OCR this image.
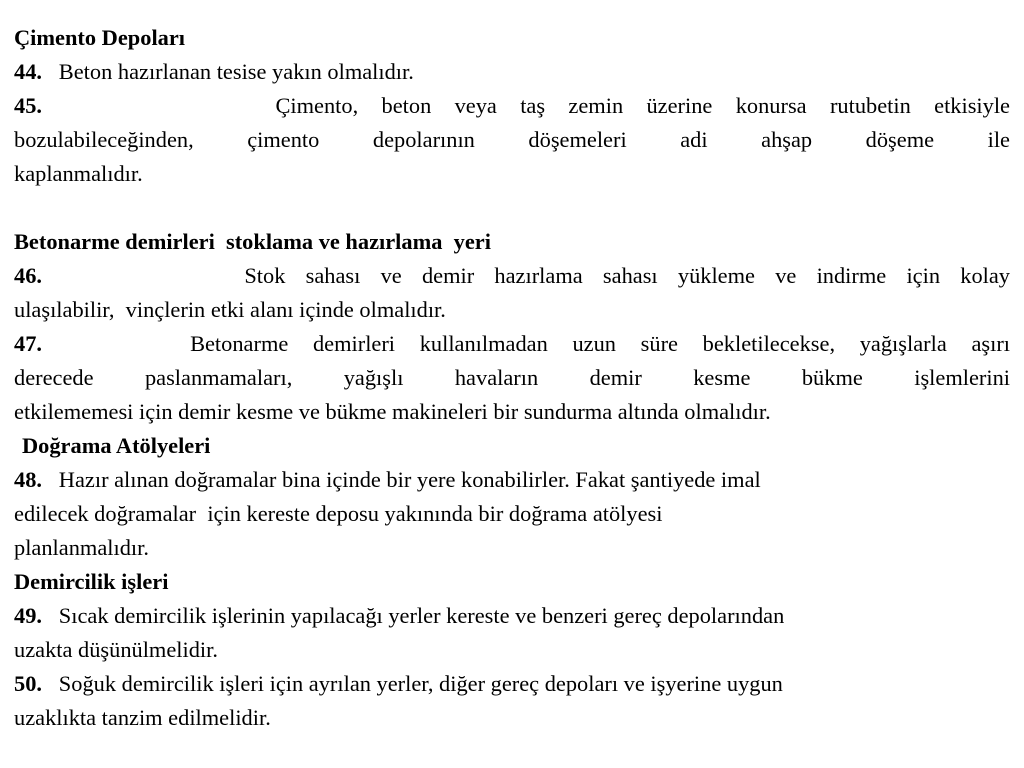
Çimento Depoları
44. Beton hazırlanan tesise yakın olmalıdır.
45.	Çimento, beton veya taş zemin üzerine konursa rutubetin etkisiyle
bozulabileceğinden, çimento depolarının döşemeleri adi ahşap döşeme ile
kaplanmalıdır.
Betonarme demirleri  stoklama ve hazırlama  yeri
46.	Stok sahası ve demir hazırlama sahası yükleme ve indirme için kolay
ulaşılabilir,  vinçlerin etki alanı içinde olmalıdır.
47.	Betonarme demirleri kullanılmadan uzun süre bekletilecekse, yağışlarla aşırı
derecede paslanmamaları, yağışlı havaların demir kesme bükme işlemlerini
etkilememesi için demir kesme ve bükme makineleri bir sundurma altında olmalıdır.
Doğrama Atölyeleri
48. Hazır alınan doğramalar bina içinde bir yere konabilirler. Fakat şantiyede imal
edilecek doğramalar  için kereste deposu yakınında bir doğrama atölyesi
planlanmalıdır.
Demircilik işleri
49. Sıcak demircilik işlerinin yapılacağı yerler kereste ve benzeri gereç depolarından
uzakta düşünülmelidir.
50. Soğuk demircilik işleri için ayrılan yerler, diğer gereç depoları ve işyerine uygun
uzaklıkta tanzim edilmelidir.
